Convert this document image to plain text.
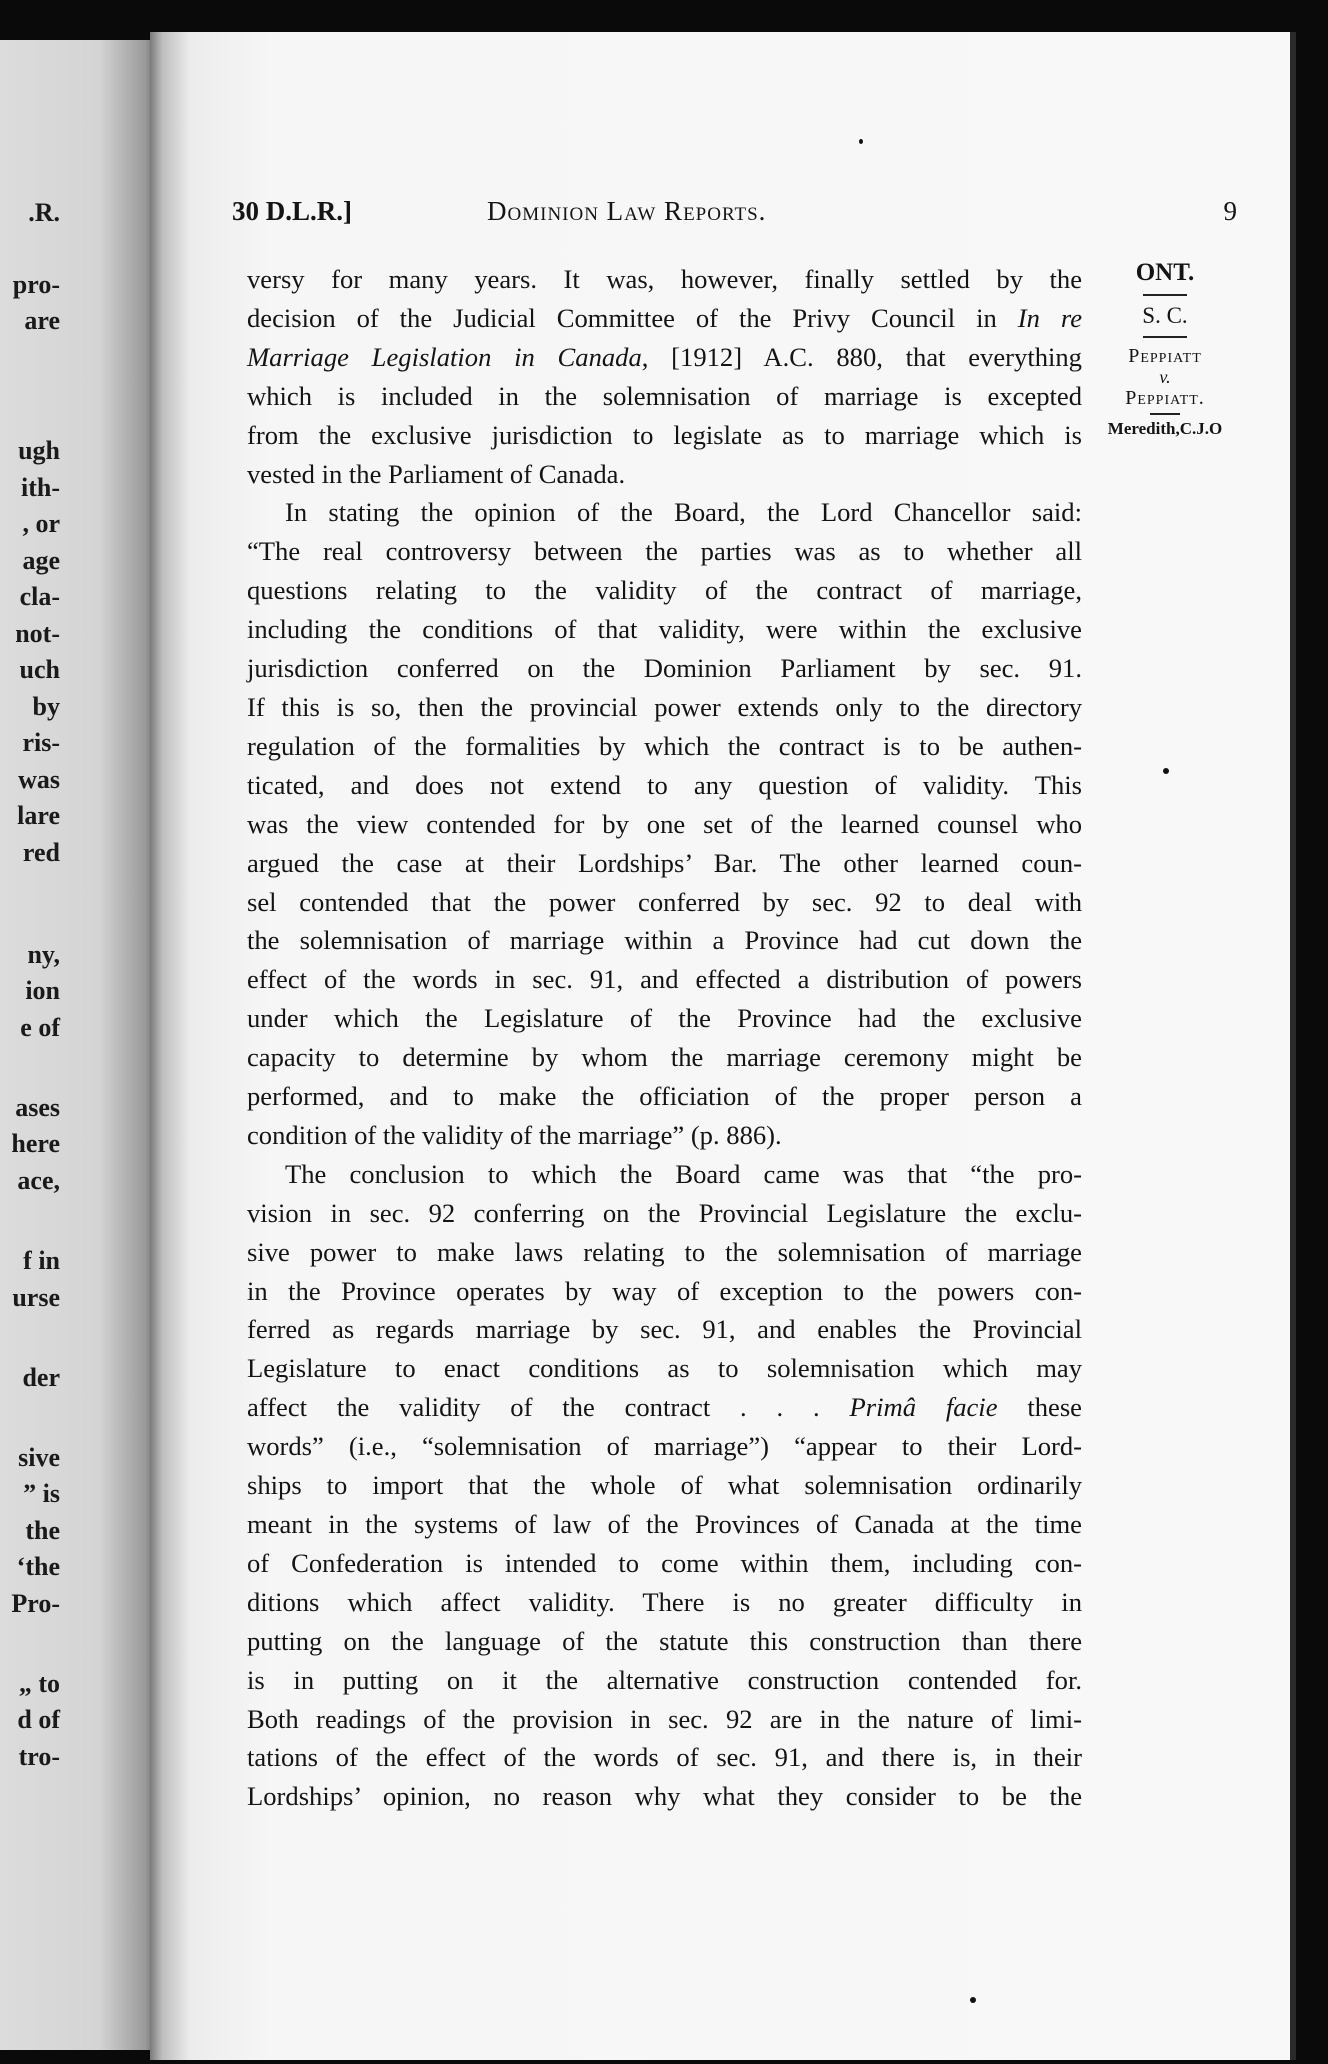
.R.
pro-
are
ugh
ith-
, or
age
cla-
not-
uch
by
ris-
was
lare
red
ny,
ion
e of
ases
here
ace,
f in
urse
der
sive
” is
the
‘the
Pro-
„ to
d of
tro-
30 D.L.R.]	Dominion Law Reports.	9
ONT.
S. C.
Peppiatt
v.
Peppiatt.
Meredith,C.J.O

versy for many years. It was, however, finally settled by the

decision of the Judicial Committee of the Privy Council in In re

Marriage Legislation in Canada, [1912] A.C. 880, that everything

which is included in the solemnisation of marriage is excepted

from the exclusive jurisdiction to legislate as to marriage which is

vested in the Parliament of Canada.

In stating the opinion of the Board, the Lord Chancellor said:

“The real controversy between the parties was as to whether all

questions relating to the validity of the contract of marriage,

including the conditions of that validity, were within the exclusive

jurisdiction conferred on the Dominion Parliament by sec. 91.

If this is so, then the provincial power extends only to the directory

regulation of the formalities by which the contract is to be authen-

ticated, and does not extend to any question of validity. This

was the view contended for by one set of the learned counsel who

argued the case at their Lordships’ Bar. The other learned coun-

sel contended that the power conferred by sec. 92 to deal with

the solemnisation of marriage within a Province had cut down the

effect of the words in sec. 91, and effected a distribution of powers

under which the Legislature of the Province had the exclusive

capacity to determine by whom the marriage ceremony might be

performed, and to make the officiation of the proper person a

condition of the validity of the marriage” (p. 886).

The conclusion to which the Board came was that “the pro-

vision in sec. 92 conferring on the Provincial Legislature the exclu-

sive power to make laws relating to the solemnisation of marriage

in the Province operates by way of exception to the powers con-

ferred as regards marriage by sec. 91, and enables the Provincial

Legislature to enact conditions as to solemnisation which may

affect the validity of the contract . . . Primâ facie these

words” (i.e., “solemnisation of marriage”) “appear to their Lord-

ships to import that the whole of what solemnisation ordinarily

meant in the systems of law of the Provinces of Canada at the time

of Confederation is intended to come within them, including con-

ditions which affect validity. There is no greater difficulty in

putting on the language of the statute this construction than there

is in putting on it the alternative construction contended for.

Both readings of the provision in sec. 92 are in the nature of limi-

tations of the effect of the words of sec. 91, and there is, in their

Lordships’ opinion, no reason why what they consider to be the
